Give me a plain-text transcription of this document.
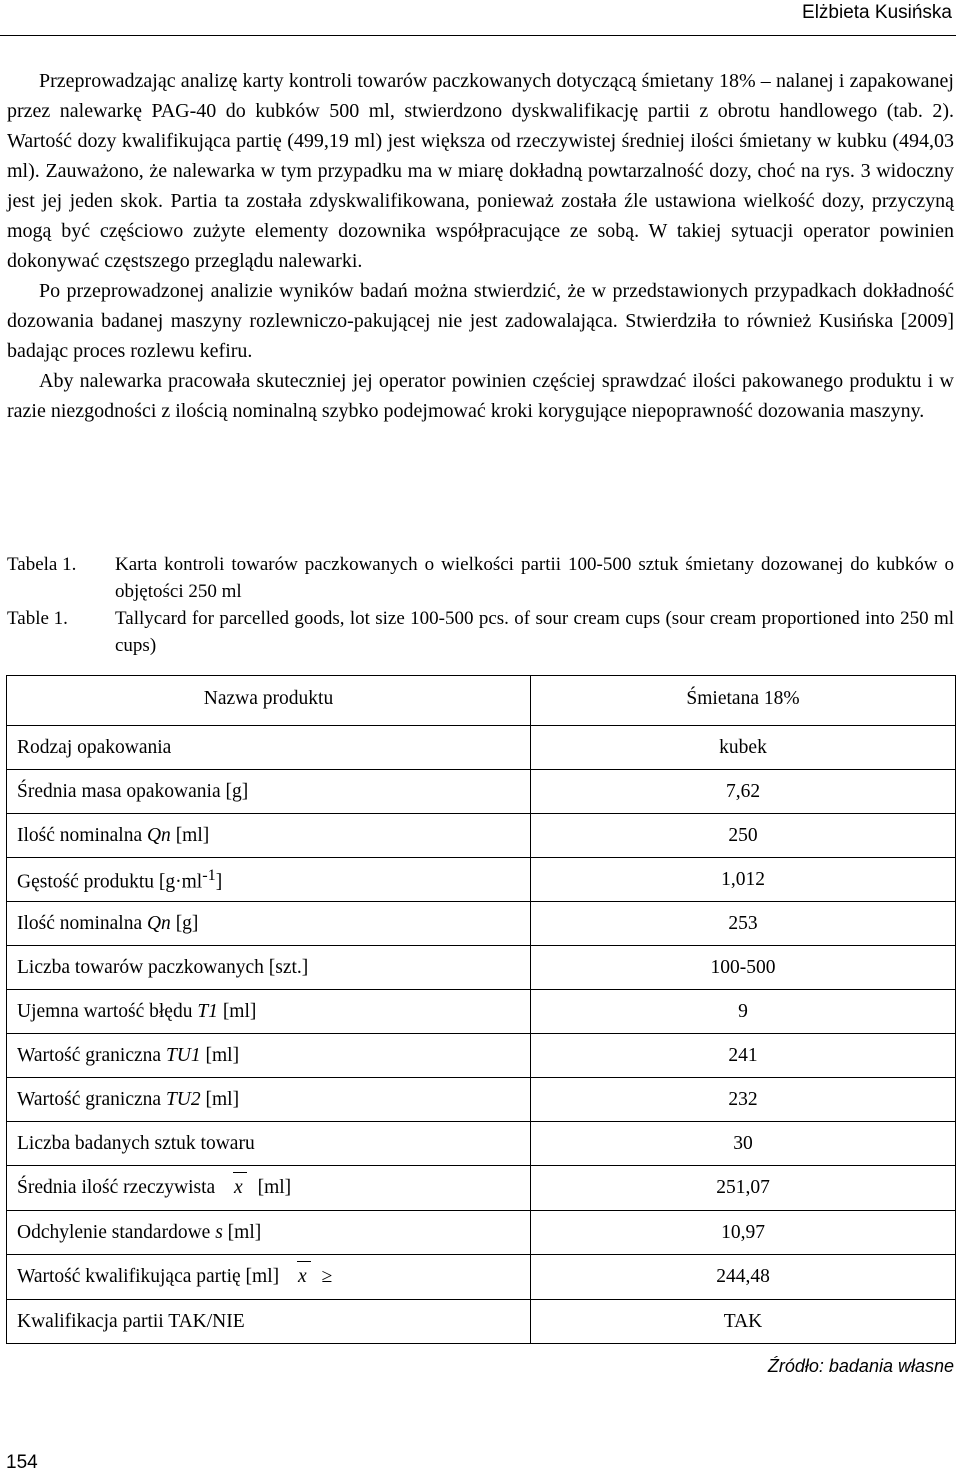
Elżbieta Kusińska

Przeprowadzając analizę karty kontroli towarów paczkowanych dotyczącą śmietany 18% – nalanej i zapakowanej przez nalewarkę PAG-40 do kubków 500 ml, stwierdzono dyskwalifikację partii z obrotu handlowego (tab. 2). Wartość dozy kwalifikująca partię (499,19 ml) jest większa od rzeczywistej średniej ilości śmietany w kubku (494,03 ml). Zauważono, że nalewarka w tym przypadku ma w miarę dokładną powtarzalność dozy, choć na rys. 3 widoczny jest jej jeden skok. Partia ta została zdyskwalifikowana, ponieważ została źle ustawiona wielkość dozy, przyczyną mogą być częściowo zużyte elementy dozownika współpracujące ze sobą. W takiej sytuacji operator powinien dokonywać częstszego przeglądu nalewarki.

Po przeprowadzonej analizie wyników badań można stwierdzić, że w przedstawionych przypadkach dokładność dozowania badanej maszyny rozlewniczo-pakującej nie jest zadowalająca. Stwierdziła to również Kusińska [2009] badając proces rozlewu kefiru.

Aby nalewarka pracowała skuteczniej jej operator powinien częściej sprawdzać ilości pakowanego produktu i w razie niezgodności z ilością nominalną szybko podejmować kroki korygujące niepoprawność dozowania maszyny.

Tabela 1. Karta kontroli towarów paczkowanych o wielkości partii 100-500 sztuk śmietany dozowanej do kubków o objętości 250 ml
Table 1. Tallycard for parcelled goods, lot size 100-500 pcs. of sour cream cups (sour cream proportioned into 250 ml cups)
Nazwa produktu	Śmietana 18%
Rodzaj opakowania	kubek
Średnia masa opakowania [g]	7,62
Ilość nominalna Qn [ml]	250
Gęstość produktu $[g\cdot ml^{-1}]$	1,012
Ilość nominalna Qn [g]	253
Liczba towarów paczkowanych [szt.]	100-500
Ujemna wartość błędu T1 [ml]	9
Wartość graniczna TU1 [ml]	241
Wartość graniczna TU2 [ml]	232
Liczba badanych sztuk towaru	30
Średnia ilość rzeczywista x [ml]	251,07
Odchylenie standardowe s [ml]	10,97
Wartość kwalifikująca partię [ml] x ≥	244,48
Kwalifikacja partii TAK/NIE	TAK
Źródło: badania własne
154
